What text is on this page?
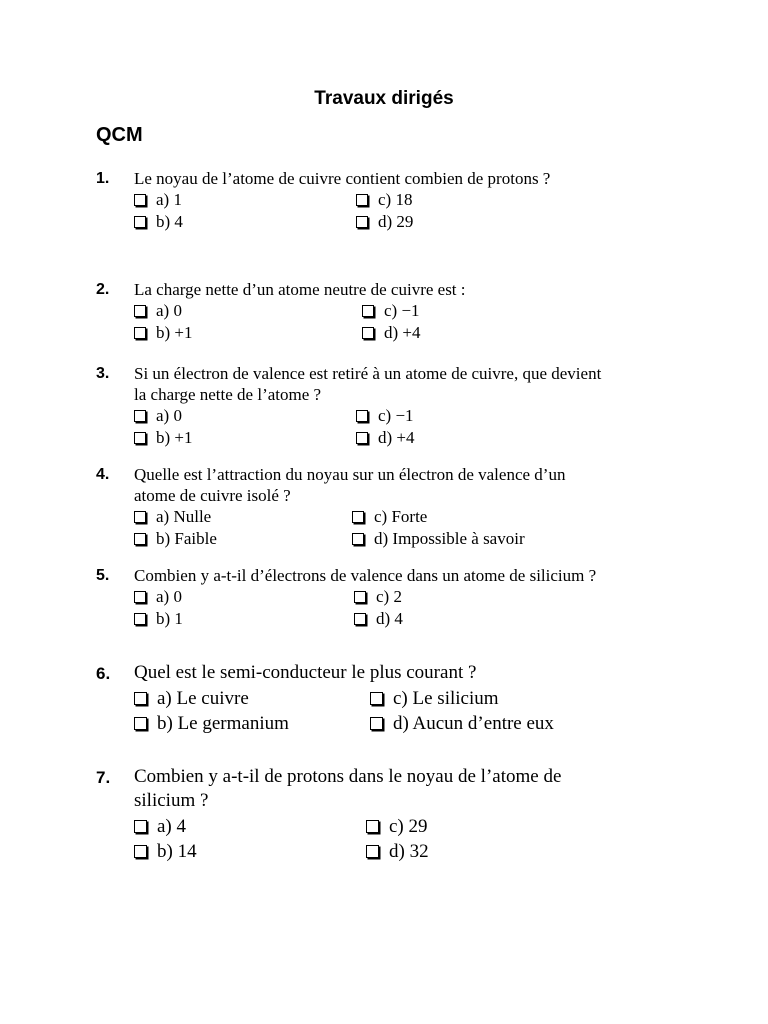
Travaux dirigés
QCM
1.	Le noyau de l’atome de cuivre contient combien de protons ?
a) 1
b) 4
c) 18
d) 29
2.	La charge nette d’un atome neutre de cuivre est :
a) 0
b) +1
c) −1
d) +4
3.	Si un électron de valence est retiré à un atome de cuivre, que devient la charge nette de l’atome ?
a) 0
b) +1
c) −1
d) +4
4.	Quelle est l’attraction du noyau sur un électron de valence d’un atome de cuivre isolé ?
a) Nulle
b) Faible
c) Forte
d) Impossible à savoir
5.	Combien y a-t-il d’électrons de valence dans un atome de silicium ?
a) 0
b) 1
c) 2
d) 4
6.	Quel est le semi-conducteur le plus courant ?
a) Le cuivre
b) Le germanium
c) Le silicium
d) Aucun d’entre eux
7.	Combien y a-t-il de protons dans le noyau de l’atome de silicium ?
a) 4
b) 14
c) 29
d) 32
